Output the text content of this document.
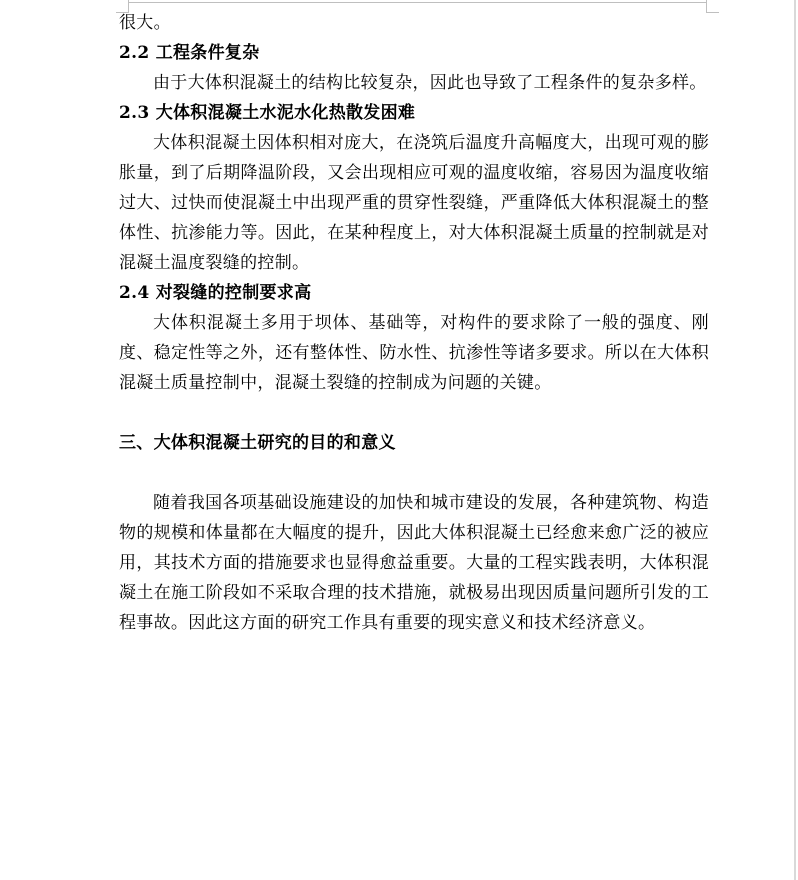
很大。

2.2 工程条件复杂

由于大体积混凝土的结构比较复杂，因此也导致了工程条件的复杂多样。

2.3 大体积混凝土水泥水化热散发困难

大体积混凝土因体积相对庞大，在浇筑后温度升高幅度大，出现可观的膨胀量，到了后期降温阶段，又会出现相应可观的温度收缩，容易因为温度收缩过大、过快而使混凝土中出现严重的贯穿性裂缝，严重降低大体积混凝土的整体性、抗渗能力等。因此，在某种程度上，对大体积混凝土质量的控制就是对混凝土温度裂缝的控制。

2.4 对裂缝的控制要求高

大体积混凝土多用于坝体、基础等，对构件的要求除了一般的强度、刚度、稳定性等之外，还有整体性、防水性、抗渗性等诸多要求。所以在大体积混凝土质量控制中，混凝土裂缝的控制成为问题的关键。

三、大体积混凝土研究的目的和意义

随着我国各项基础设施建设的加快和城市建设的发展，各种建筑物、构造物的规模和体量都在大幅度的提升，因此大体积混凝土已经愈来愈广泛的被应用，其技术方面的措施要求也显得愈益重要。大量的工程实践表明，大体积混凝土在施工阶段如不采取合理的技术措施，就极易出现因质量问题所引发的工程事故。因此这方面的研究工作具有重要的现实意义和技术经济意义。
